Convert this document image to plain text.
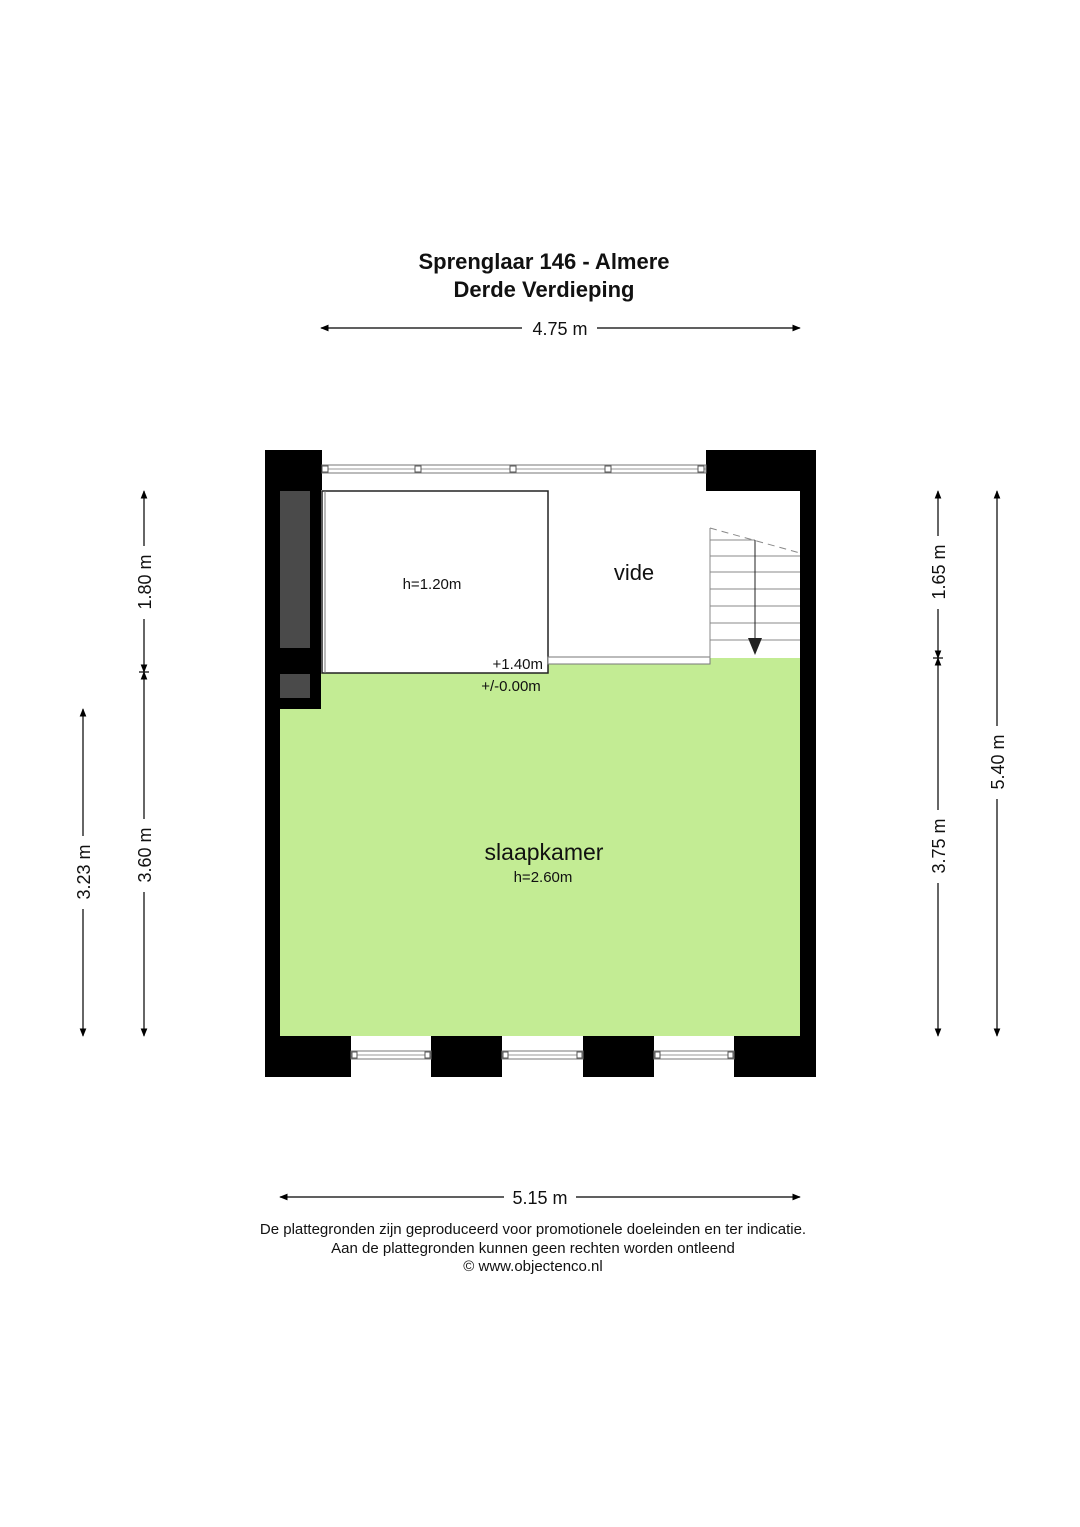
Sprenglaar 146 - Almere
Derde Verdieping
h=1.20m	vide
+1.40m
+/-0.00m
slaapkamer
h=2.60m
4.75 m
5.15 m
1.80 m
3.60 m
3.23 m
1.65 m
3.75 m
5.40 m
De plattegronden zijn geproduceerd voor promotionele doeleinden en ter indicatie.
Aan de plattegronden kunnen geen rechten worden ontleend
© www.objectenco.nl
